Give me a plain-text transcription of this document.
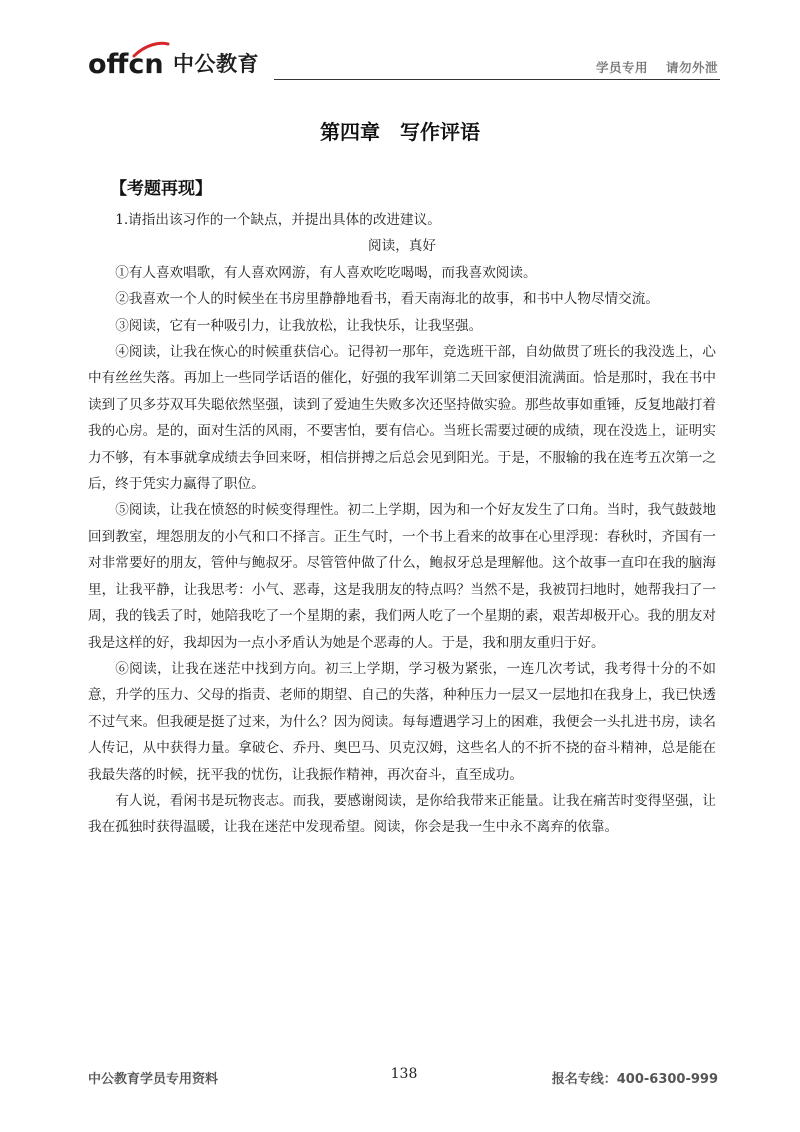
offcn 中公教育	学员专用 请勿外泄
第四章　写作评语
【考题再现】

1.请指出该习作的一个缺点，并提出具体的改进建议。

阅读，真好

①有人喜欢唱歌，有人喜欢网游，有人喜欢吃吃喝喝，而我喜欢阅读。

②我喜欢一个人的时候坐在书房里静静地看书，看天南海北的故事，和书中人物尽情交流。

③阅读，它有一种吸引力，让我放松，让我快乐，让我坚强。

④阅读，让我在恢心的时候重获信心。记得初一那年，竞选班干部，自幼做贯了班长的我没选上，心中有丝丝失落。再加上一些同学话语的催化，好强的我军训第二天回家便泪流满面。恰是那时，我在书中读到了贝多芬双耳失聪依然坚强，读到了爱迪生失败多次还坚持做实验。那些故事如重锤，反复地敲打着我的心房。是的，面对生活的风雨，不要害怕，要有信心。当班长需要过硬的成绩，现在没选上，证明实力不够，有本事就拿成绩去争回来呀，相信拼搏之后总会见到阳光。于是，不服输的我在连考五次第一之后，终于凭实力赢得了职位。

⑤阅读，让我在愤怒的时候变得理性。初二上学期，因为和一个好友发生了口角。当时，我气鼓鼓地回到教室，埋怨朋友的小气和口不择言。正生气时，一个书上看来的故事在心里浮现：春秋时，齐国有一对非常要好的朋友，管仲与鲍叔牙。尽管管仲做了什么，鲍叔牙总是理解他。这个故事一直印在我的脑海里，让我平静，让我思考：小气、恶毒，这是我朋友的特点吗？当然不是，我被罚扫地时，她帮我扫了一周，我的钱丢了时，她陪我吃了一个星期的素，我们两人吃了一个星期的素，艰苦却极开心。我的朋友对我是这样的好，我却因为一点小矛盾认为她是个恶毒的人。于是，我和朋友重归于好。

⑥阅读，让我在迷茫中找到方向。初三上学期，学习极为紧张，一连几次考试，我考得十分的不如意，升学的压力、父母的指责、老师的期望、自己的失落，种种压力一层又一层地扣在我身上，我已快透不过气来。但我硬是挺了过来，为什么？因为阅读。每每遭遇学习上的困难，我便会一头扎进书房，读名人传记，从中获得力量。拿破仑、乔丹、奥巴马、贝克汉姆，这些名人的不折不挠的奋斗精神，总是能在我最失落的时候，抚平我的忧伤，让我振作精神，再次奋斗，直至成功。

有人说，看闲书是玩物丧志。而我，要感谢阅读，是你给我带来正能量。让我在痛苦时变得坚强，让我在孤独时获得温暖，让我在迷茫中发现希望。阅读，你会是我一生中永不离弃的依靠。

中公教育学员专用资料	138	报名专线：400-6300-999
